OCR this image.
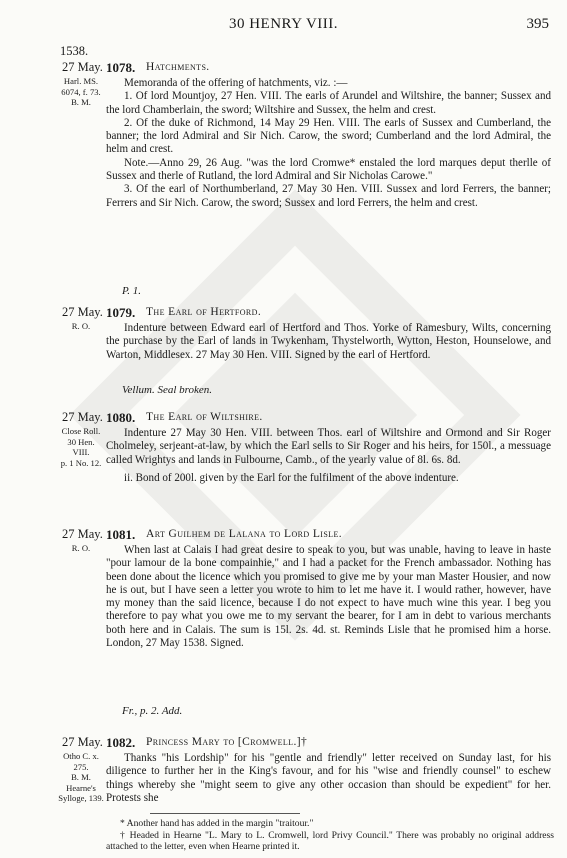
30 HENRY VIII.	395
1538.
27 May. 1078. Hatchments.
Harl. MS.
6074, f. 73.
B. M.

Memoranda of the offering of hatchments, viz. :—

1. Of lord Mountjoy, 27 Hen. VIII. The earls of Arundel and Wiltshire, the banner; Sussex and the lord Chamberlain, the sword; Wiltshire and Sussex, the helm and crest.

2. Of the duke of Richmond, 14 May 29 Hen. VIII. The earls of Sussex and Cumberland, the banner; the lord Admiral and Sir Nich. Carow, the sword; Cumberland and the lord Admiral, the helm and crest.

Note.—Anno 29, 26 Aug. "was the lord Cromwe* enstaled the lord marques deput therlle of Sussex and therle of Rutland, the lord Admiral and Sir Nicholas Carowe."

3. Of the earl of Northumberland, 27 May 30 Hen. VIII. Sussex and lord Ferrers, the banner; Ferrers and Sir Nich. Carow, the sword; Sussex and lord Ferrers, the helm and crest.

P. 1.
27 May. 1079. The Earl of Hertford.
R. O.	Indenture between Edward earl of Hertford and Thos. Yorke of Ramesbury, Wilts, concerning the purchase by the Earl of lands in Twykenham, Thystelworth, Wytton, Heston, Hounselowe, and Warton, Middlesex. 27 May 30 Hen. VIII. Signed by the earl of Hertford.

Vellum. Seal broken.
27 May. 1080. The Earl of Wiltshire.
Close Roll.
30 Hen. VIII.
p. 1 No. 12.

Indenture 27 May 30 Hen. VIII. between Thos. earl of Wiltshire and Ormond and Sir Roger Cholmeley, serjeant-at-law, by which the Earl sells to Sir Roger and his heirs, for 150l., a messuage called Wrightys and lands in Fulbourne, Camb., of the yearly value of 8l. 6s. 8d.

ii. Bond of 200l. given by the Earl for the fulfilment of the above indenture.

27 May. 1081. Art Guilhem de Lalana to Lord Lisle.
R. O.	When last at Calais I had great desire to speak to you, but was unable, having to leave in haste "pour lamour de la bone compainhie," and I had a packet for the French ambassador. Nothing has been done about the licence which you promised to give me by your man Master Housier, and now he is out, but I have seen a letter you wrote to him to let me have it. I would rather, however, have my money than the said licence, because I do not expect to have much wine this year. I beg you therefore to pay what you owe me to my servant the bearer, for I am in debt to various merchants both here and in Calais. The sum is 15l. 2s. 4d. st. Reminds Lisle that he promised him a horse. London, 27 May 1538. Signed.

Fr., p. 2. Add.
27 May. 1082. Princess Mary to [Cromwell.]†
Otho C. x.
275.
B. M.
Hearne's
Sylloge, 139.

Thanks "his Lordship" for his "gentle and friendly" letter received on Sunday last, for his diligence to further her in the King's favour, and for his "wise and friendly counsel" to eschew things whereby she "might seem to give any other occasion than should be expedient" for her. Protests she

* Another hand has added in the margin "traitour."

† Headed in Hearne "L. Mary to L. Cromwell, lord Privy Council." There was probably no original address attached to the letter, even when Hearne printed it.
